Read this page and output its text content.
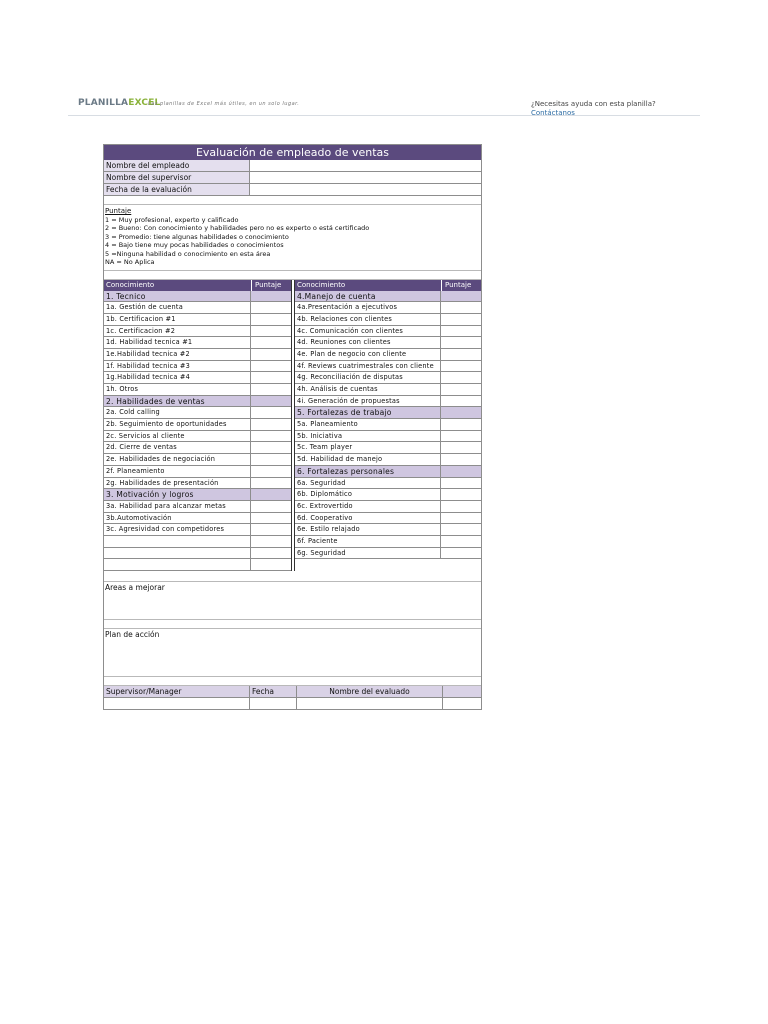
PLANILLAEXCEL
Las planillas de Excel más útiles, en un solo lugar.	¿Necesitas ayuda con esta planilla?
Contáctanos
Evaluación de empleado de ventas
Nombre del empleado
Nombre del supervisor
Fecha de la evaluación
Puntaje
1 = Muy profesional, experto y calificado
2 = Bueno: Con conocimiento y habilidades pero no es experto o está certificado
3 = Promedio: tiene algunas habilidades o conocimiento
4 = Bajo tiene muy pocas habilidades o conocimientos
5 =Ninguna habilidad o conocimiento en esta área
NA = No Aplica
Conocimiento	Puntaje
1. Tecnico
1a. Gestión de cuenta
1b. Certificacion #1
1c. Certificacion #2
1d. Habilidad tecnica #1
1e.Habilidad tecnica #2
1f. Habilidad tecnica #3
1g.Habilidad tecnica #4
1h. Otros
2. Habilidades de ventas
2a. Cold calling
2b. Seguimiento de oportunidades
2c. Servicios al cliente
2d. Cierre de ventas
2e. Habilidades de negociación
2f. Planeamiento
2g. Habilidades de presentación
3. Motivación y logros
3a. Habilidad para alcanzar metas
3b.Automotivación
3c. Agresividad con competidores
Conocimiento	Puntaje
4.Manejo de cuenta
4a.Presentación a ejecutivos
4b. Relaciones con clientes
4c. Comunicación con clientes
4d. Reuniones con clientes
4e. Plan de negocio con cliente
4f. Reviews cuatrimestrales con cliente
4g. Reconciliación de disputas
4h. Análisis de cuentas
4i. Generación de propuestas
5. Fortalezas de trabajo
5a. Planeamiento
5b. Iniciativa
5c. Team player
5d. Habilidad de manejo
6. Fortalezas personales
6a. Seguridad
6b. Diplomático
6c. Extrovertido
6d. Cooperativo
6e. Estilo relajado
6f. Paciente
6g. Seguridad
Areas a mejorar
Plan de acción
Supervisor/Manager	Fecha	Nombre del evaluado
